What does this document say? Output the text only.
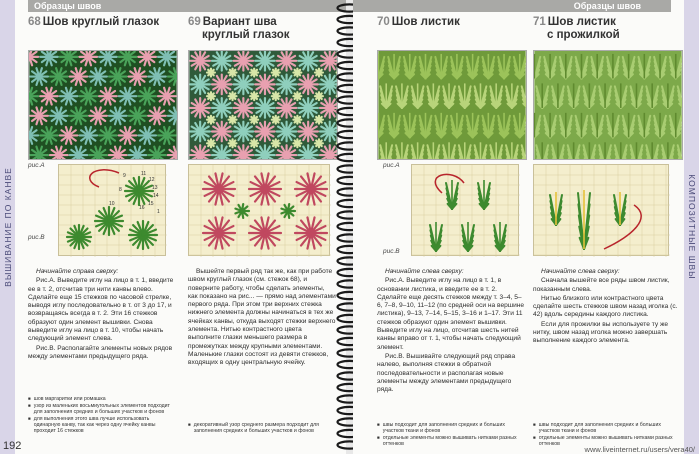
ВЫШИВАНИЕ ПО КАНВЕ
Образцы швов
68 Шов круглый глазок
рис.А
рис.В
11
12
13
14
15
16
9
8
1
10

Начинайте справа сверху:

Рис.А. Выведите иглу на лицо в т. 1, введите ее в т. 2, отсчитав три нити канвы влево. Сделайте еще 15 стежков по часовой стрелке, выводя иглу последовательно в т. от 3 до 17, и возвращаясь всегда в т. 2. Эти 16 стежков образуют один элемент вышивки. Снова выведите иглу на лицо в т. 10, чтобы начать следующий элемент слева.

Рис.В. Располагайте элементы новых рядов между элементами предыдущего ряда.

■ шов маргаритки или ромашка
■ узор из маленьких восьмиугольных элементов подходит для заполнения средних и больших участков и фонов
■ для выполнения этого шва лучше использовать одинарную канву, так как через одну ячейку канвы проходит 16 стежков
69 Вариант шва
круглый глазок

Вышейте первый ряд так же, как при работе швом круглый глазок (см. стежок 68), и поверните работу, чтобы сделать элементы, как показано на рис... — прямо над элементами первого ряда. При этом три верхних стежка нижнего элемента должны начинаться в тех же ячейках канвы, откуда выходят стежки верхнего элемента. Нитью контрастного цвета выполните глазки меньшего размера в промежутках между крупными элементами. Маленькие глазки состоят из девяти стежков, входящих в одну центральную ячейку.

■ декоративный узор среднего размера подходит для заполнения средних и больших участков и фонов
192
КОМПОЗИТНЫЕ ШВЫ
Образцы швов
70 Шов листик
рис.А
рис.В

Начинайте слева сверху:

Рис.А. Выведите иглу на лицо в т. 1, в основании листика, и введите ее в т. 2. Сделайте еще десять стежков между т. 3–4, 5–6, 7–8, 9–10, 11–12 (по средней оси на вершине листика), 9–13, 7–14, 5–15, 3–16 и 1–17. Эти 11 стежков образуют один элемент вышивки. Выведите иглу на лицо, отсчитав шесть нитей канвы вправо от т. 1, чтобы начать следующий элемент.

Рис.В. Вышивайте следующий ряд справа налево, выполняя стежки в обратной последовательности и располагая новые элементы между элементами предыдущего ряда.

■ швы подходит для заполнения средних и больших участков ткани и фонов
■ отдельные элементы можно вышивать нитками разных оттенков
71 Шов листик
с прожилкой

Начинайте слева сверху:

Сначала вышейте все ряды швом листик, показанным слева.

Нитью близкого или контрастного цвета сделайте шесть стежков швом назад иголка (с. 42) вдоль середины каждого листика.

Если для прожилки вы используете ту же нитку, швом назад иголка можно завершать выполнение каждого элемента.

■ швы подходит для заполнения средних и больших участков ткани и фонов
■ отдельные элементы можно вышивать нитками разных оттенков
www.liveinternet.ru/users/vera40/
